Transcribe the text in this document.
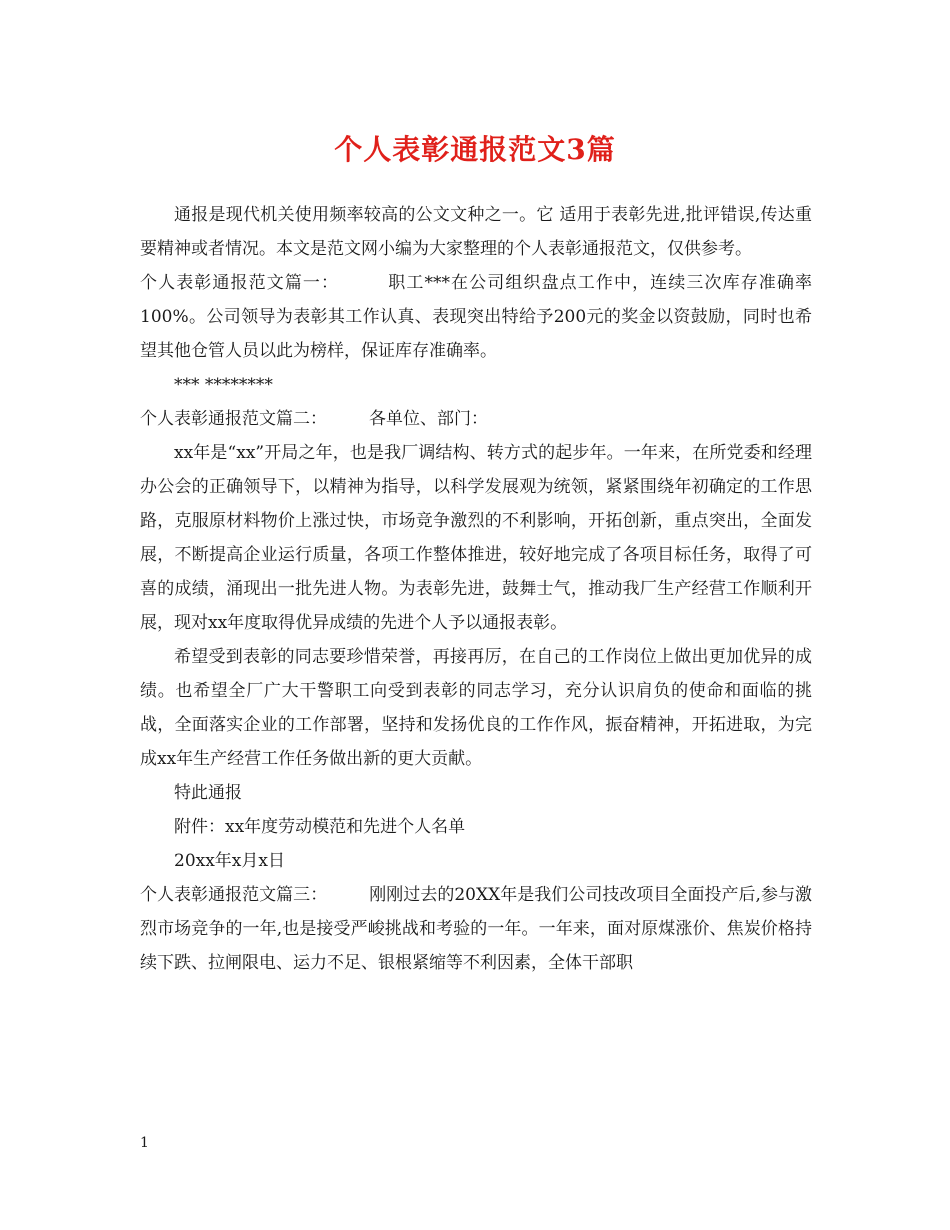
个人表彰通报范文3篇

通报是现代机关使用频率较高的公文文种之一。它 适用于表彰先进,批评错误,传达重要精神或者情况。本文是范文网小编为大家整理的个人表彰通报范文，仅供参考。

个人表彰通报范文篇一：	职工***在公司组织盘点工作中，连续三次库存准确率100%。公司领导为表彰其工作认真、表现突出特给予200元的奖金以资鼓励，同时也希望其他仓管人员以此为榜样，保证库存准确率。

*** ********

个人表彰通报范文篇二： 各单位、部门：

xx年是“xx”开局之年，也是我厂调结构、转方式的起步年。一年来，在所党委和经理办公会的正确领导下，以精神为指导，以科学发展观为统领，紧紧围绕年初确定的工作思路，克服原材料物价上涨过快，市场竞争激烈的不利影响，开拓创新，重点突出，全面发展，不断提高企业运行质量，各项工作整体推进，较好地完成了各项目标任务，取得了可喜的成绩，涌现出一批先进人物。为表彰先进，鼓舞士气，推动我厂生产经营工作顺利开展，现对xx年度取得优异成绩的先进个人予以通报表彰。

希望受到表彰的同志要珍惜荣誉，再接再厉，在自己的工作岗位上做出更加优异的成绩。也希望全厂广大干警职工向受到表彰的同志学习，充分认识肩负的使命和面临的挑战，全面落实企业的工作部署，坚持和发扬优良的工作作风，振奋精神，开拓进取，为完成xx年生产经营工作任务做出新的更大贡献。

特此通报

附件：xx年度劳动模范和先进个人名单

20xx年x月x日

个人表彰通报范文篇三： 刚刚过去的20XX年是我们公司技改项目全面投产后,参与激烈市场竞争的一年,也是接受严峻挑战和考验的一年。一年来，面对原煤涨价、焦炭价格持续下跌、拉闸限电、运力不足、银根紧缩等不利因素，全体干部职

1
